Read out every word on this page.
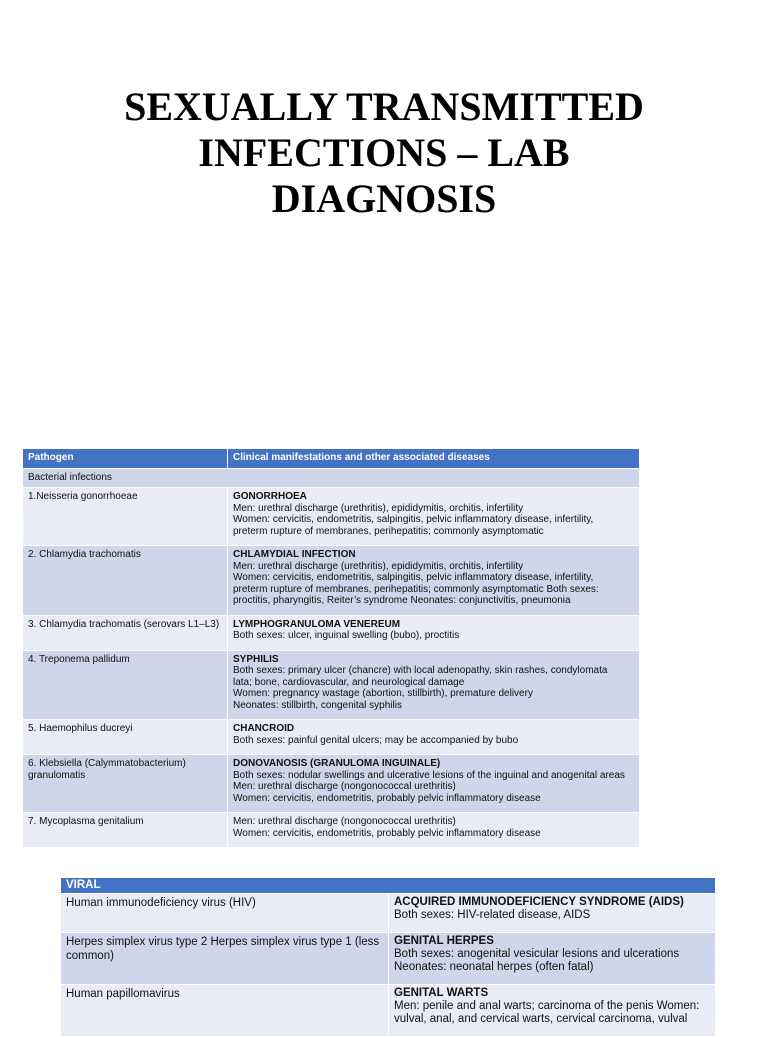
SEXUALLY TRANSMITTED
INFECTIONS – LAB
DIAGNOSIS
Pathogen	Clinical manifestations and other associated diseases
Bacterial infections	
1.Neisseria gonorrhoeae	GONORRHOEA
Men: urethral discharge (urethritis), epididymitis, orchitis, infertility
Women: cervicitis, endometritis, salpingitis, pelvic inflammatory disease, infertility,
preterm rupture of membranes, perihepatitis; commonly asymptomatic

2. Chlamydia trachomatis	CHLAMYDIAL INFECTION
Men: urethral discharge (urethritis), epididymitis, orchitis, infertility
Women: cervicitis, endometritis, salpingitis, pelvic inflammatory disease, infertility,
preterm rupture of membranes, perihepatitis; commonly asymptomatic Both sexes:
proctitis, pharyngitis, Reiter’s syndrome Neonates: conjunctivitis, pneumonia

3. Chlamydia trachomatis (serovars L1–L3)	LYMPHOGRANULOMA VENEREUM
Both sexes: ulcer, inguinal swelling (bubo), proctitis

4. Treponema pallidum	SYPHILIS
Both sexes: primary ulcer (chancre) with local adenopathy, skin rashes, condylomata
lata; bone, cardiovascular, and neurological damage
Women: pregnancy wastage (abortion, stillbirth), premature delivery
Neonates: stillbirth, congenital syphilis

5. Haemophilus ducreyi	CHANCROID
Both sexes: painful genital ulcers; may be accompanied by bubo

6. Klebsiella (Calymmatobacterium) granulomatis	DONOVANOSIS (GRANULOMA INGUINALE)
Both sexes: nodular swellings and ulcerative lesions of the inguinal and anogenital areas
Men: urethral discharge (nongonococcal urethritis)
Women: cervicitis, endometritis, probably pelvic inflammatory disease

7. Mycoplasma genitalium	Men: urethral discharge (nongonococcal urethritis)
Women: cervicitis, endometritis, probably pelvic inflammatory disease
VIRAL	
Human immunodeficiency virus (HIV)	ACQUIRED IMMUNODEFICIENCY SYNDROME (AIDS)
Both sexes: HIV-related disease, AIDS

Herpes simplex virus type 2 Herpes simplex virus type 1 (less common)	GENITAL HERPES
Both sexes: anogenital vesicular lesions and ulcerations
Neonates: neonatal herpes (often fatal)

Human papillomavirus	GENITAL WARTS
Men: penile and anal warts; carcinoma of the penis Women:
vulval, anal, and cervical warts, cervical carcinoma, vulval
